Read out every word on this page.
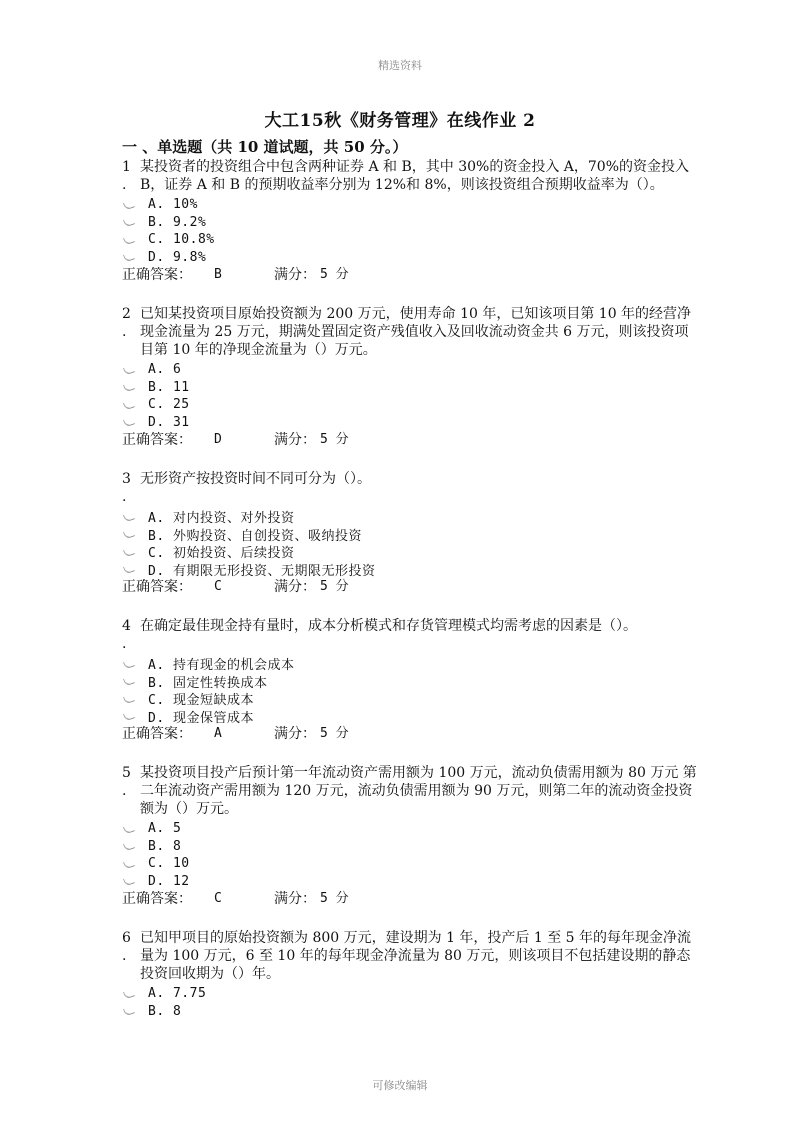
精选资料
大工15秋《财务管理》在线作业 2
一 、单选题（共 10 道试题，共 50 分。）
1
.
某投资者的投资组合中包含两种证券 A 和 B，其中 30%的资金投入 A，70%的资金投入 B，证券 A 和 B 的预期收益率分别为 12%和 8%，则该投资组合预期收益率为（）。
A. 10%
B. 9.2%
C. 10.8%
D. 9.8%
正确答案：	B	满分： 5 分
2
.
已知某投资项目原始投资额为 200 万元，使用寿命 10 年，已知该项目第 10 年的经营净现金流量为 25 万元，期满处置固定资产残值收入及回收流动资金共 6 万元，则该投资项目第 10 年的净现金流量为（）万元。
A. 6
B. 11
C. 25
D. 31
正确答案：	D	满分： 5 分
3
.
无形资产按投资时间不同可分为（）。
A. 对内投资、对外投资
B. 外购投资、自创投资、吸纳投资
C. 初始投资、后续投资
D. 有期限无形投资、无期限无形投资
正确答案：	C	满分： 5 分
4
.
在确定最佳现金持有量时，成本分析模式和存货管理模式均需考虑的因素是（）。
A. 持有现金的机会成本
B. 固定性转换成本
C. 现金短缺成本
D. 现金保管成本
正确答案：	A	满分： 5 分
5
.
某投资项目投产后预计第一年流动资产需用额为 100 万元，流动负债需用额为 80 万元 第二年流动资产需用额为 120 万元，流动负债需用额为 90 万元，则第二年的流动资金投资额为（）万元。
A. 5
B. 8
C. 10
D. 12
正确答案：	C	满分： 5 分
6
.
已知甲项目的原始投资额为 800 万元，建设期为 1 年，投产后 1 至 5 年的每年现金净流量为 100 万元，6 至 10 年的每年现金净流量为 80 万元，则该项目不包括建设期的静态投资回收期为（）年。
A. 7.75
B. 8
可修改编辑
